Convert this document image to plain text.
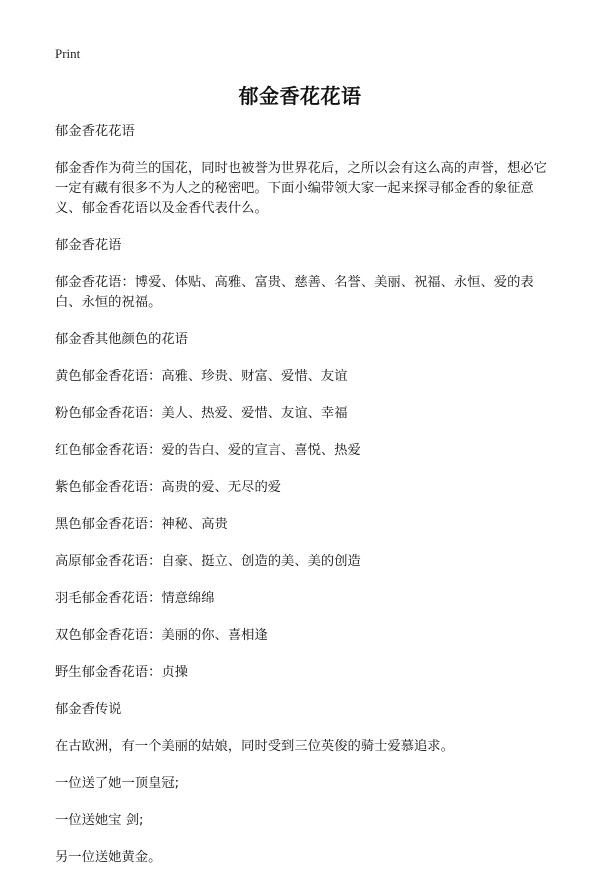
Print
郁金香花花语

郁金香花花语

郁金香作为荷兰的国花，同时也被誉为世界花后，之所以会有这么高的声誉，想必它一定有藏有很多不为人之的秘密吧。下面小编带领大家一起来探寻郁金香的象征意义、郁金香花语以及金香代表什么。

郁金香花语

郁金香花语：博爱、体贴、高雅、富贵、慈善、名誉、美丽、祝福、永恒、爱的表白、永恒的祝福。

郁金香其他颜色的花语

黄色郁金香花语：高雅、珍贵、财富、爱惜、友谊

粉色郁金香花语：美人、热爱、爱惜、友谊、幸福

红色郁金香花语：爱的告白、爱的宣言、喜悦、热爱

紫色郁金香花语：高贵的爱、无尽的爱

黑色郁金香花语：神秘、高贵

高原郁金香花语：自豪、挺立、创造的美、美的创造

羽毛郁金香花语：情意绵绵

双色郁金香花语：美丽的你、喜相逢

野生郁金香花语：贞操

郁金香传说

在古欧洲，有一个美丽的姑娘，同时受到三位英俊的骑士爱慕追求。

一位送了她一顶皇冠;

一位送她宝 剑;

另一位送她黄金。
